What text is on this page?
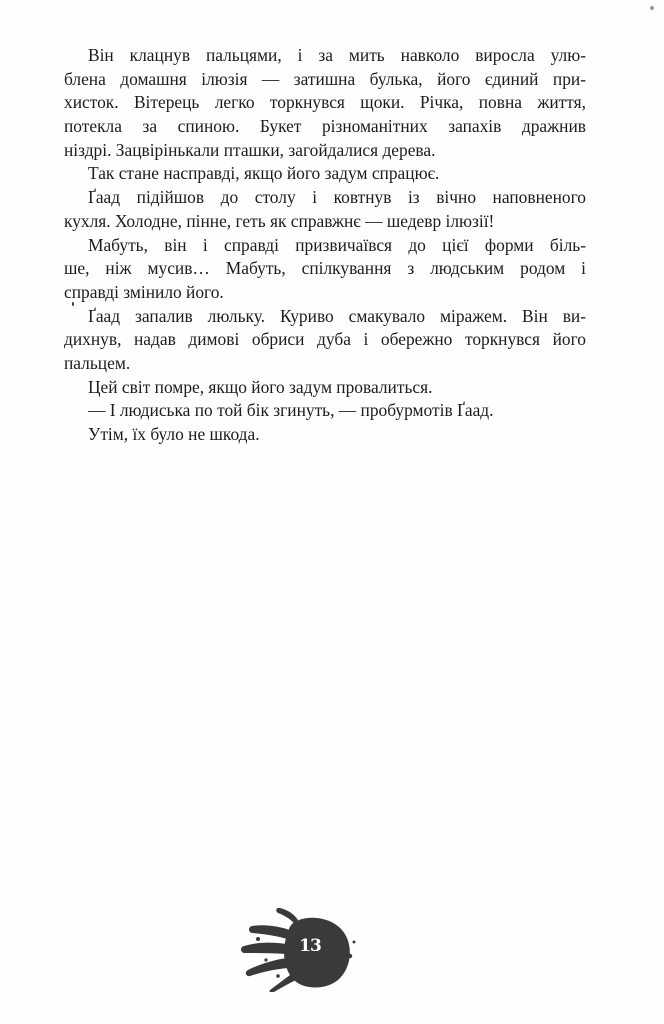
Він клацнув пальцями, і за мить навколо виросла улю-
блена домашня ілюзія — затишна булька, його єдиний при-
хисток. Вітерець легко торкнувся щоки. Річка, повна життя,
потекла за спиною. Букет різноманітних запахів дражнив
ніздрі. Зацвірінькали пташки, загойдалися дерева.
Так стане насправді, якщо його задум спрацює.
Ґаад підійшов до столу і ковтнув із вічно наповненого
кухля. Холодне, пінне, геть як справжнє — шедевр ілюзії!
Мабуть, він і справді призвичаївся до цієї форми біль-
ше, ніж мусив… Мабуть, спілкування з людським родом і
справді змінило його.
Ґаад запалив люльку. Куриво смакувало міражем. Він ви-
дихнув, надав димові обриси дуба і обережно торкнувся його
пальцем.
Цей світ помре, якщо його задум провалиться.
— І людиська по той бік згинуть, — пробурмотів Ґаад.
Утім, їх було не шкода.
13
